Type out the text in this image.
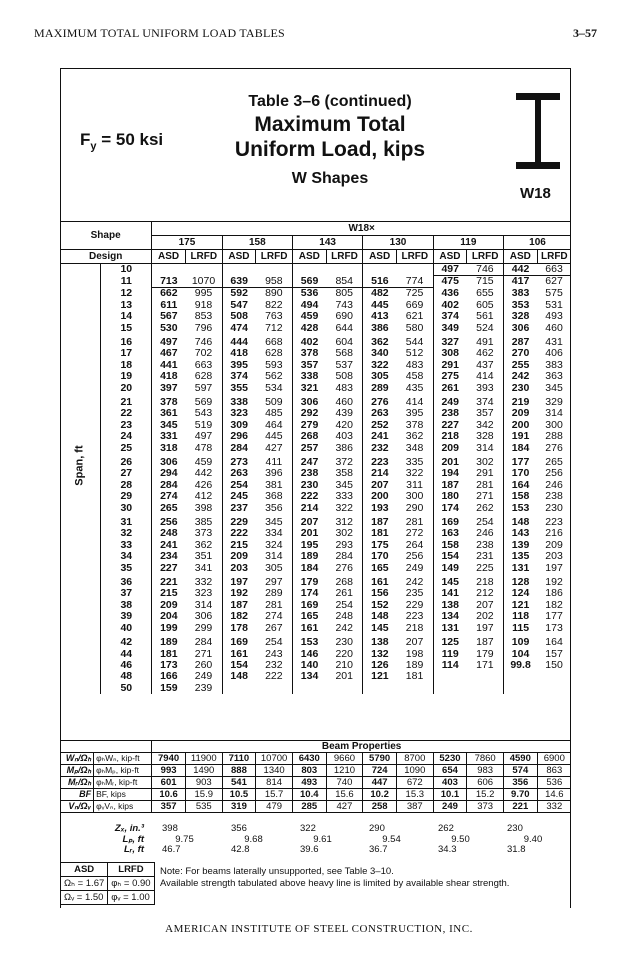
MAXIMUM TOTAL UNIFORM LOAD TABLES	3–57
$F_y = 50$ ksi
Table 3–6 (continued)
Maximum Total
Uniform Load, kips
W Shapes
W18
Shape		W18×											
		175		158		143		130		119		106	
Design		ASD	LRFD	ASD	LRFD	ASD	LRFD	ASD	LRFD	ASD	LRFD	ASD	LRFD

Span, ft	10									497	746	442	663
	11	713	1070	639	958	569	854	516	774	475	715	417	627
	12	662	995	592	890	536	805	482	725	436	655	383	575
	13	611	918	547	822	494	743	445	669	402	605	353	531
	14	567	853	508	763	459	690	413	621	374	561	328	493
	15	530	796	474	712	428	644	386	580	349	524	306	460
	16	497	746	444	668	402	604	362	544	327	491	287	431
	17	467	702	418	628	378	568	340	512	308	462	270	406
	18	441	663	395	593	357	537	322	483	291	437	255	383
	19	418	628	374	562	338	508	305	458	275	414	242	363
	20	397	597	355	534	321	483	289	435	261	393	230	345
	21	378	569	338	509	306	460	276	414	249	374	219	329
	22	361	543	323	485	292	439	263	395	238	357	209	314
	23	345	519	309	464	279	420	252	378	227	342	200	300
	24	331	497	296	445	268	403	241	362	218	328	191	288
	25	318	478	284	427	257	386	232	348	209	314	184	276
	26	306	459	273	411	247	372	223	335	201	302	177	265
	27	294	442	263	396	238	358	214	322	194	291	170	256
	28	284	426	254	381	230	345	207	311	187	281	164	246
	29	274	412	245	368	222	333	200	300	180	271	158	238
	30	265	398	237	356	214	322	193	290	174	262	153	230
	31	256	385	229	345	207	312	187	281	169	254	148	223
	32	248	373	222	334	201	302	181	272	163	246	143	216
	33	241	362	215	324	195	293	175	264	158	238	139	209
	34	234	351	209	314	189	284	170	256	154	231	135	203
	35	227	341	203	305	184	276	165	249	149	225	131	197
	36	221	332	197	297	179	268	161	242	145	218	128	192
	37	215	323	192	289	174	261	156	235	141	212	124	186
	38	209	314	187	281	169	254	152	229	138	207	121	182
	39	204	306	182	274	165	248	148	223	134	202	118	177
	40	199	299	178	267	161	242	145	218	131	197	115	173
	42	189	284	169	254	153	230	138	207	125	187	109	164
	44	181	271	161	243	146	220	132	198	119	179	104	157
	46	173	260	154	232	140	210	126	189	114	171	99.8	150
	48	166	249	148	222	134	201	121	181				
	50	159	239										
		Beam Properties											
Wₙ/Ωₕ	φₕWₙ, kip-ft	7940	11900	7110	10700	6430	9660	5790	8700	5230	7860	4590	6900
Mₚ/Ωₕ	φₕMₚ, kip-ft	993	1490	888	1340	803	1210	724	1090	654	983	574	863
Mᵣ/Ωₕ	φₕMᵣ, kip-ft	601	903	541	814	493	740	447	672	403	606	356	536
BF	BF, kips	10.6	15.9	10.5	15.7	10.4	15.6	10.2	15.3	10.1	15.2	9.70	14.6
Vₙ/Ωᵥ	φᵥVₙ, kips	357	535	319	479	285	427	258	387	249	373	221	332
Zₓ, in.³	398	356	322	290	262	230
Lₚ, ft	9.75	9.68	9.61	9.54	9.50	9.40
Lᵣ, ft	46.7	42.8	39.6	36.7	34.3	31.8
ASD	LRFD
Ωₕ = 1.67	φₕ = 0.90
Ωᵥ = 1.50	φᵥ = 1.00
Note: For beams laterally unsupported, see Table 3–10.
Available strength tabulated above heavy line is limited by available shear strength.
AMERICAN INSTITUTE OF STEEL CONSTRUCTION, INC.
